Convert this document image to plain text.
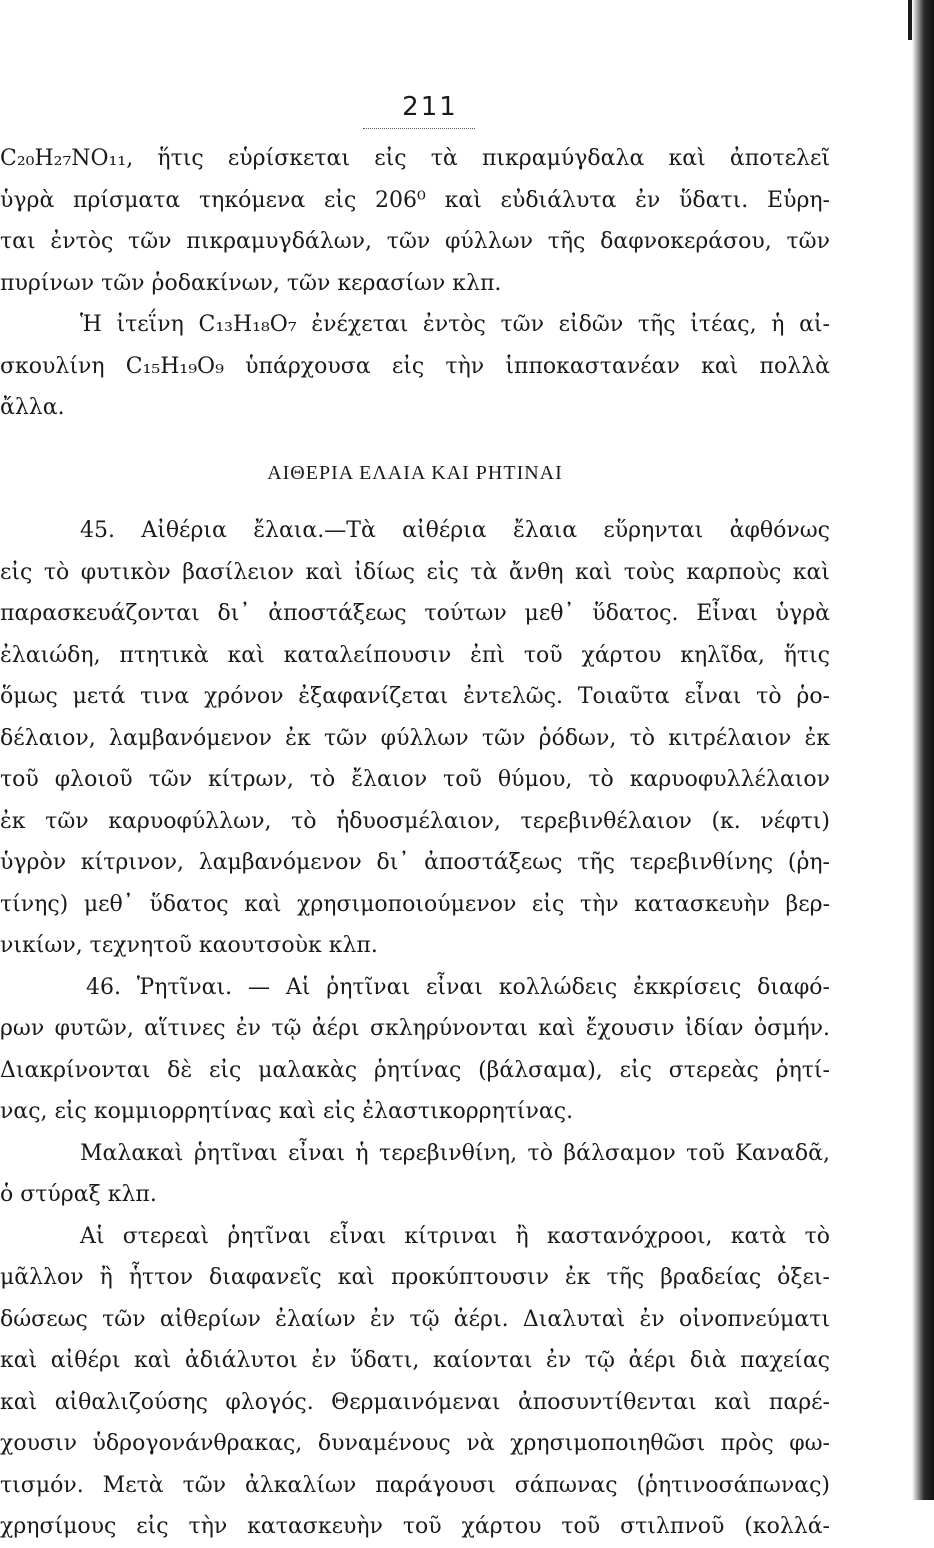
211
C₂₀H₂₇NO₁₁, ἥτις εὑρίσκεται εἰς τὰ πικραμύγδαλα καὶ ἀποτελεῖ
ὑγρὰ πρίσματα τηκόμενα εἰς 206⁰ καὶ εὐδιάλυτα ἐν ὕδατι. Εὑρη-
ται ἐντὸς τῶν πικραμυγδάλων, τῶν φύλλων τῆς δαφνοκεράσου, τῶν
πυρίνων τῶν ῥοδακίνων, τῶν κερασίων κλπ.
Ἡ ἰτεΐνη C₁₃H₁₈O₇ ἐνέχεται ἐντὸς τῶν εἰδῶν τῆς ἰτέας, ἡ αἰ-
σκουλίνη C₁₅H₁₉O₉ ὑπάρχουσα εἰς τὴν ἱπποκαστανέαν καὶ πολλὰ
ἄλλα.
ΑΙΘΕΡΙΑ ΕΛΑΙΑ ΚΑΙ ΡΗΤΙΝΑΙ
45. Αἰθέρια ἔλαια.—Τὰ αἰθέρια ἔλαια εὕρηνται ἀφθόνως
εἰς τὸ φυτικὸν βασίλειον καὶ ἰδίως εἰς τὰ ἄνθη καὶ τοὺς καρποὺς καὶ
παρασκευάζονται δι᾽ ἀποστάξεως τούτων μεθ᾽ ὕδατος. Εἶναι ὑγρὰ
ἐλαιώδη, πτητικὰ καὶ καταλείπουσιν ἐπὶ τοῦ χάρτου κηλῖδα, ἥτις
ὅμως μετά τινα χρόνον ἐξαφανίζεται ἐντελῶς. Τοιαῦτα εἶναι τὸ ῥο-
δέλαιον, λαμβανόμενον ἐκ τῶν φύλλων τῶν ῥόδων, τὸ κιτρέλαιον ἐκ
τοῦ φλοιοῦ τῶν κίτρων, τὸ ἔλαιον τοῦ θύμου, τὸ καρυοφυλλέλαιον
ἐκ τῶν καρυοφύλλων, τὸ ἡδυοσμέλαιον, τερεβινθέλαιον (κ. νέφτι)
ὑγρὸν κίτρινον, λαμβανόμενον δι᾽ ἀποστάξεως τῆς τερεβινθίνης (ῥη-
τίνης) μεθ᾽ ὕδατος καὶ χρησιμοποιούμενον εἰς τὴν κατασκευὴν βερ-
νικίων, τεχνητοῦ καουτσοὺκ κλπ.
46. Ῥητῖναι. — Αἱ ῥητῖναι εἶναι κολλώδεις ἐκκρίσεις διαφό-
ρων φυτῶν, αἵτινες ἐν τῷ ἀέρι σκληρύνονται καὶ ἔχουσιν ἰδίαν ὀσμήν.
Διακρίνονται δὲ εἰς μαλακὰς ῥητίνας (βάλσαμα), εἰς στερεὰς ῥητί-
νας, εἰς κομμιορρητίνας καὶ εἰς ἐλαστικορρητίνας.
Μαλακαὶ ῥητῖναι εἶναι ἡ τερεβινθίνη, τὸ βάλσαμον τοῦ Καναδᾶ,
ὁ στύραξ κλπ.
Αἱ στερεαὶ ῥητῖναι εἶναι κίτριναι ἢ καστανόχροοι, κατὰ τὸ
μᾶλλον ἢ ἧττον διαφανεῖς καὶ προκύπτουσιν ἐκ τῆς βραδείας ὀξει-
δώσεως τῶν αἰθερίων ἐλαίων ἐν τῷ ἀέρι. Διαλυταὶ ἐν οἰνοπνεύματι
καὶ αἰθέρι καὶ ἀδιάλυτοι ἐν ὕδατι, καίονται ἐν τῷ ἀέρι διὰ παχείας
καὶ αἰθαλιζούσης φλογός. Θερμαινόμεναι ἀποσυντίθενται καὶ παρέ-
χουσιν ὑδρογονάνθρακας, δυναμένους νὰ χρησιμοποιηθῶσι πρὸς φω-
τισμόν. Μετὰ τῶν ἀλκαλίων παράγουσι σάπωνας (ῥητινοσάπωνας)
χρησίμους εἰς τὴν κατασκευὴν τοῦ χάρτου τοῦ στιλπνοῦ (κολλά-
